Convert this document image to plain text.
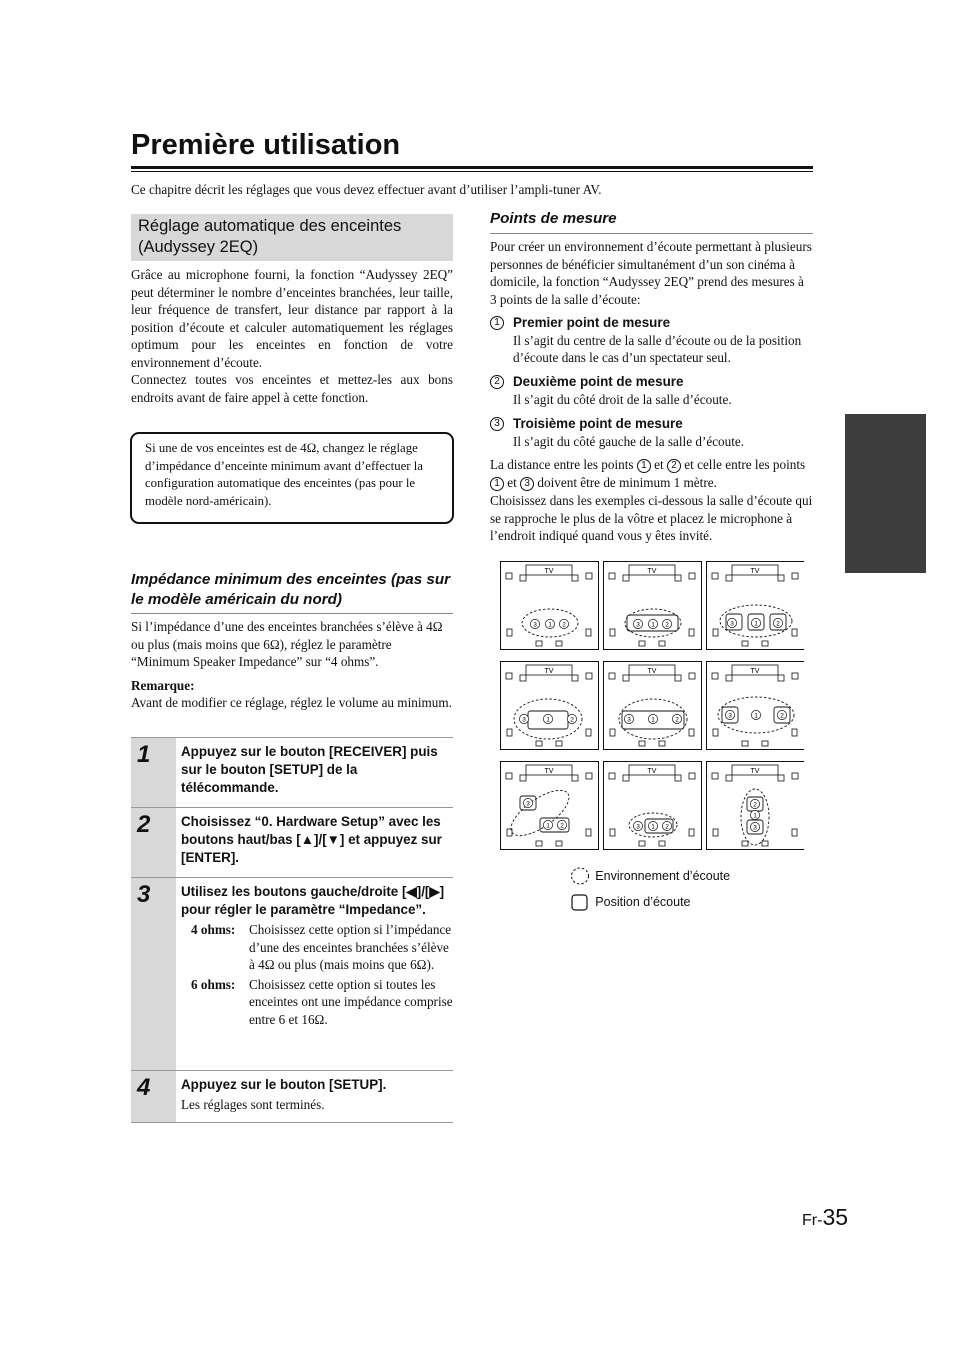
Première utilisation
Ce chapitre décrit les réglages que vous devez effectuer avant d’utiliser l’ampli-tuner AV.
Réglage automatique des enceintes (Audyssey 2EQ)

Grâce au microphone fourni, la fonction “Audyssey 2EQ” peut déterminer le nombre d’enceintes branchées, leur taille, leur fréquence de transfert, leur distance par rapport à la position d’écoute et calculer automatiquement les réglages optimum pour les enceintes en fonction de votre environnement d’écoute.

Connectez toutes vos enceintes et mettez-les aux bons endroits avant de faire appel à cette fonction.

Si une de vos enceintes est de 4Ω, changez le réglage d’impédance d’enceinte minimum avant d’effectuer la configuration automatique des enceintes (pas pour le modèle nord-américain).
Impédance minimum des enceintes (pas sur le modèle américain du nord)
Si l’impédance d’une des enceintes branchées s’élève à 4Ω ou plus (mais moins que 6Ω), réglez le paramètre “Minimum Speaker Impedance” sur “4 ohms”.
Remarque:
Avant de modifier ce réglage, réglez le volume au minimum.
1 Appuyez sur le bouton [RECEIVER] puis sur le bouton [SETUP] de la télécommande.
2 Choisissez “0. Hardware Setup” avec les boutons haut/bas [▲]/[▼] et appuyez sur [ENTER].
3 Utilisez les boutons gauche/droite [◀]/[▶] pour régler le paramètre “Impedance”.
4 ohms: Choisissez cette option si l’impédance d’une des enceintes branchées s’élève à 4Ω ou plus (mais moins que 6Ω).
6 ohms: Choisissez cette option si toutes les enceintes ont une impédance comprise entre 6 et 16Ω.
4 Appuyez sur le bouton [SETUP].
Les réglages sont terminés.
Points de mesure
Pour créer un environnement d’écoute permettant à plusieurs personnes de bénéficier simultanément d’un son cinéma à domicile, la fonction “Audyssey 2EQ” prend des mesures à 3 points de la salle d’écoute:
1 Premier point de mesure
Il s’agit du centre de la salle d’écoute ou de la position d’écoute dans le cas d’un spectateur seul.
2 Deuxième point de mesure
Il s’agit du côté droit de la salle d’écoute.
3 Troisième point de mesure
Il s’agit du côté gauche de la salle d’écoute.
La distance entre les points 1 et 2 et celle entre les points 1 et 3 doivent être de minimum 1 mètre.
Choisissez dans les exemples ci-dessous la salle d’écoute qui se rapproche le plus de la vôtre et placez le microphone à l’endroit indiqué quand vous y êtes invité.
TV
3 1 2
TV
3 1 2
TV
3	1	2
TV
3	1	2
TV
3	1	2
TV
3	1	2
TV
3
1 2
TV
3 1 2
TV
2
1
3
Environnement d’écoute
Position d’écoute
Fr-35
